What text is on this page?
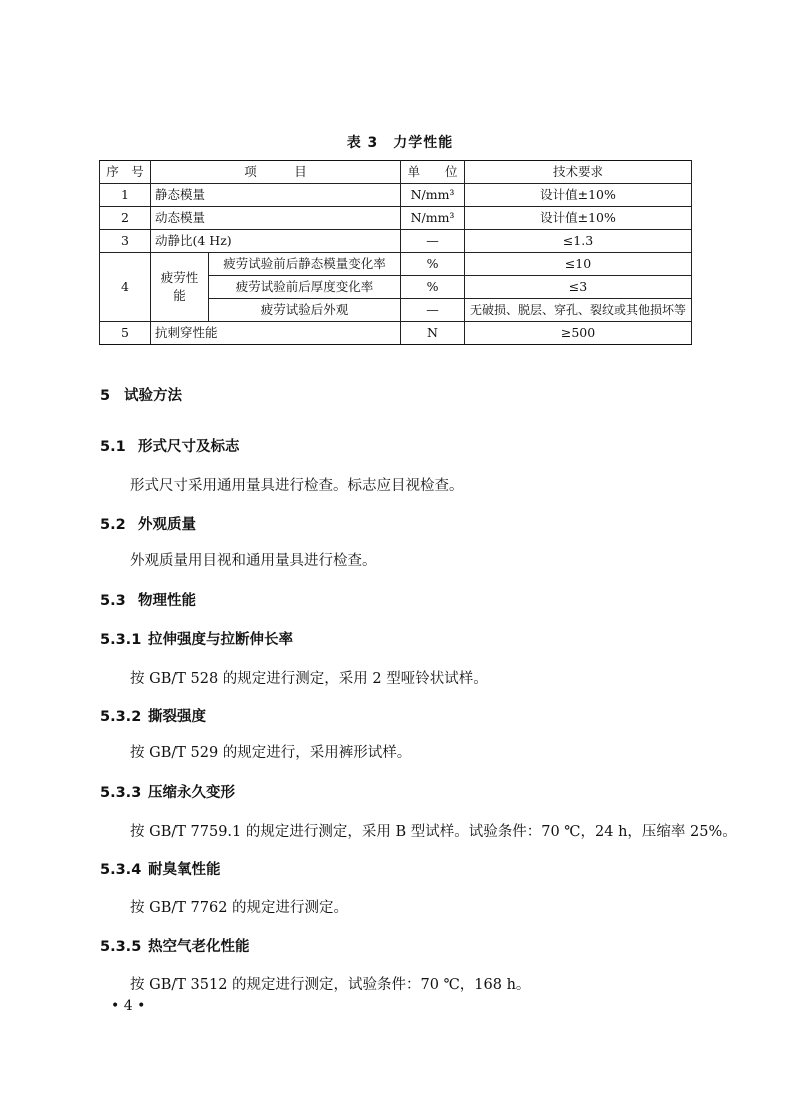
表 3　力学性能
序　号	项　　　目		单　　位	技术要求
1	静态模量		N/mm³	设计值±10%
2	动态模量		N/mm³	设计值±10%
3	动静比(4 Hz)		—	≤1.3
4	疲劳性能	疲劳试验前后静态模量变化率	%	≤10
		疲劳试验前后厚度变化率	%	≤3
		疲劳试验后外观	—	无破损、脱层、穿孔、裂纹或其他损坏等
5	抗刺穿性能		N	≥500
5 试验方法
5.1 形式尺寸及标志
形式尺寸采用通用量具进行检查。标志应目视检查。
5.2 外观质量
外观质量用目视和通用量具进行检查。
5.3 物理性能
5.3.1 拉伸强度与拉断伸长率
按 GB/T 528 的规定进行测定，采用 2 型哑铃状试样。
5.3.2 撕裂强度
按 GB/T 529 的规定进行，采用裤形试样。
5.3.3 压缩永久变形
按 GB/T 7759.1 的规定进行测定，采用 B 型试样。试验条件：70 ℃，24 h，压缩率 25%。
5.3.4 耐臭氧性能
按 GB/T 7762 的规定进行测定。
5.3.5 热空气老化性能
按 GB/T 3512 的规定进行测定，试验条件：70 ℃，168 h。
• 4 •
